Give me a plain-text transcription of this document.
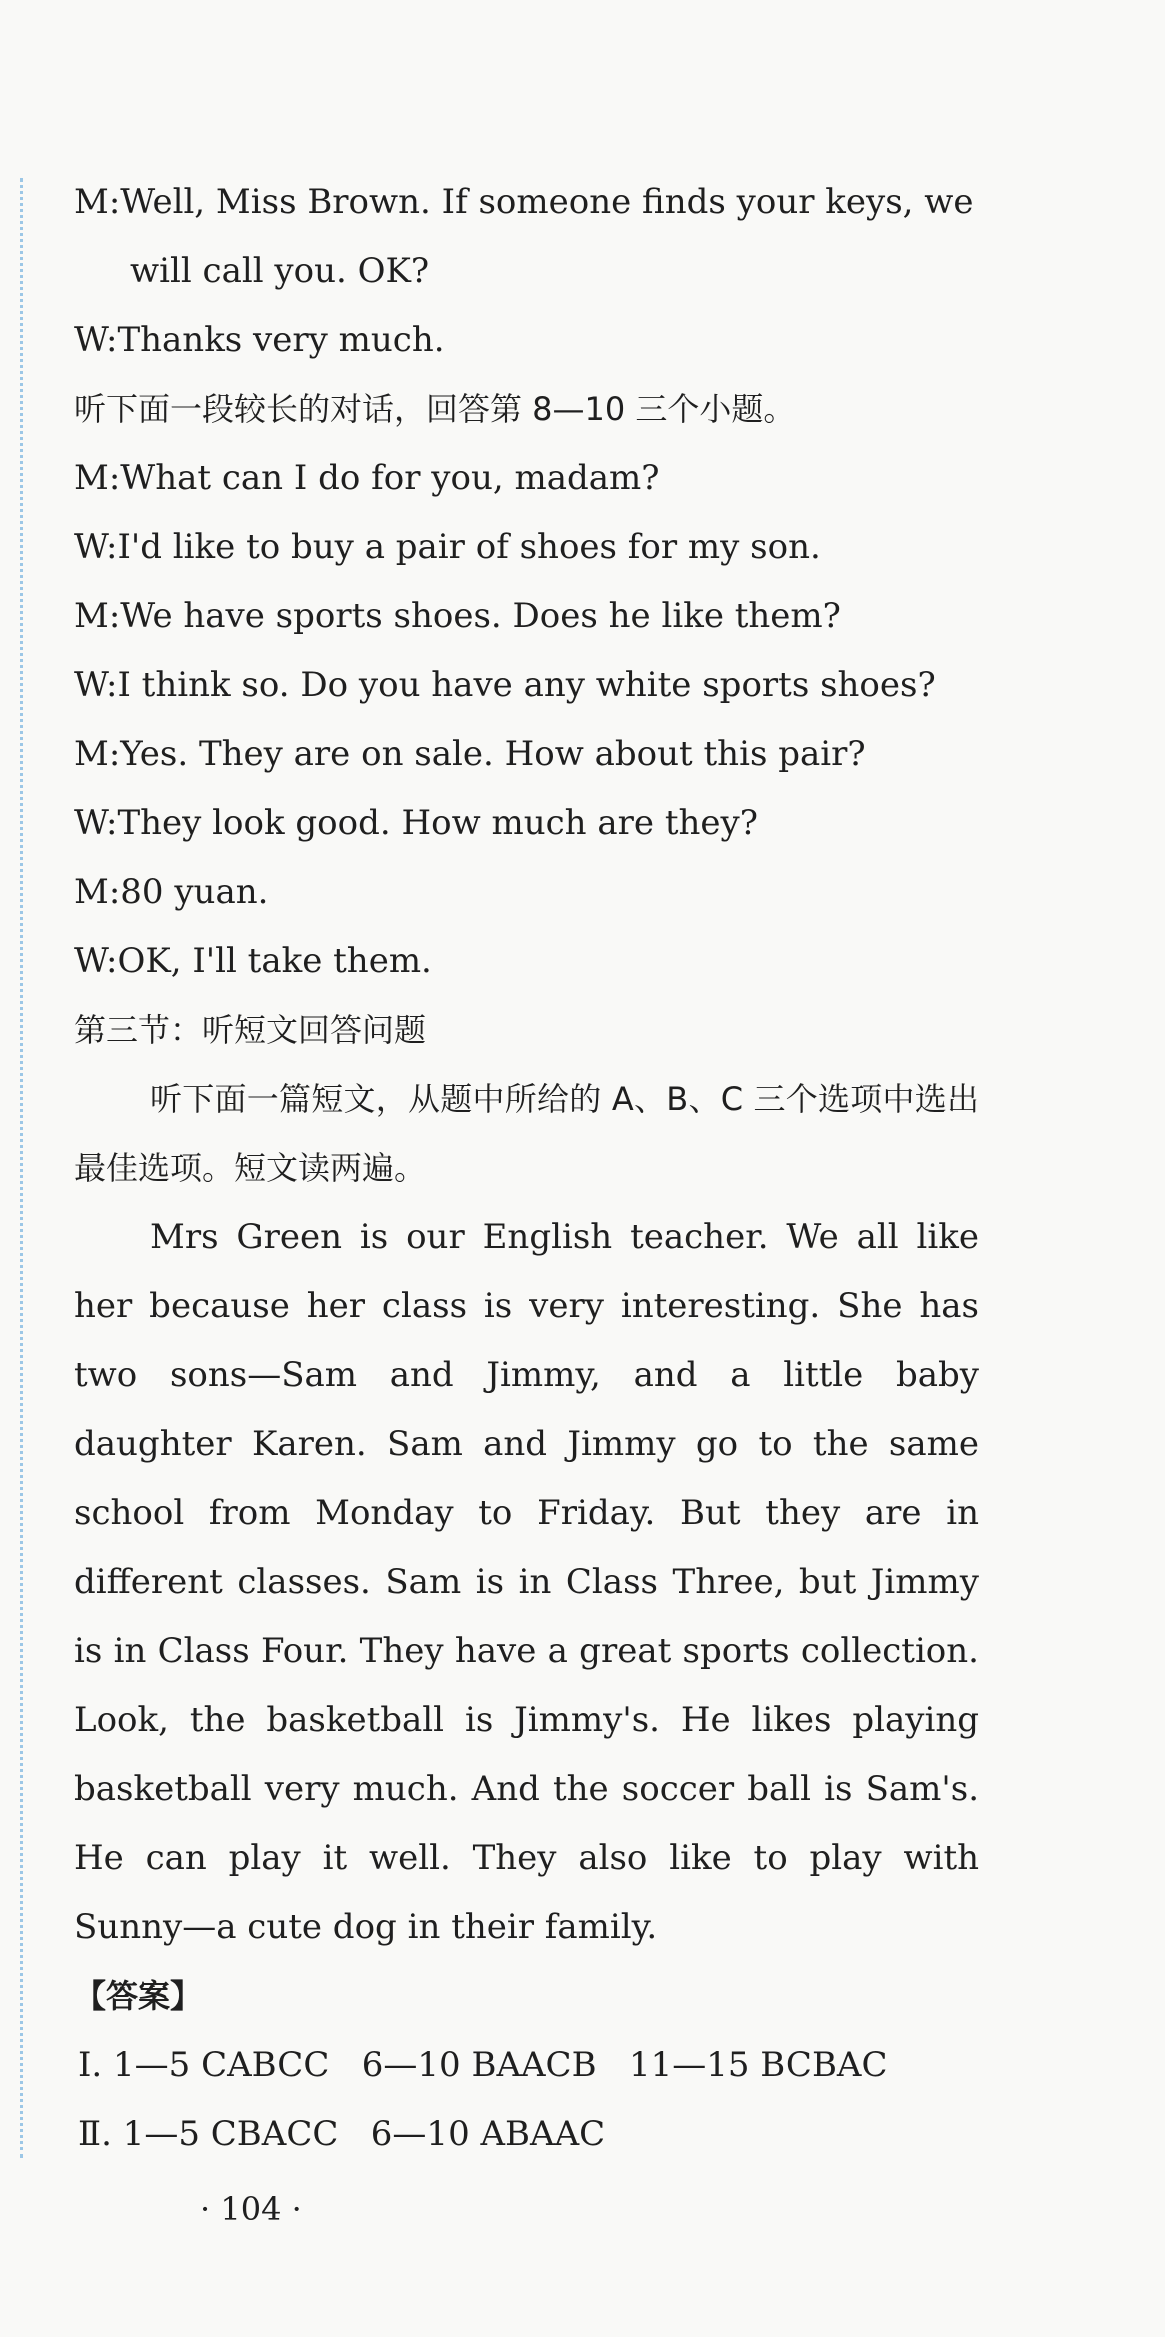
M:Well, Miss Brown. If someone finds your keys, we
will call you. OK?
W:Thanks very much.
听下面一段较长的对话，回答第 8—10 三个小题。
M:What can I do for you, madam?
W:I'd like to buy a pair of shoes for my son.
M:We have sports shoes. Does he like them?
W:I think so. Do you have any white sports shoes?
M:Yes. They are on sale. How about this pair?
W:They look good. How much are they?
M:80 yuan.
W:OK, I'll take them.
第三节：听短文回答问题
听下面一篇短文，从题中所给的 A、B、C 三个选项中选出最佳选项。短文读两遍。
Mrs Green is our English teacher. We all like her because her class is very interesting. She has two sons—Sam and Jimmy, and a little baby daughter Karen. Sam and Jimmy go to the same school from Monday to Friday. But they are in different classes. Sam is in Class Three, but Jimmy is in Class Four. They have a great sports collection. Look, the basketball is Jimmy's. He likes playing basketball very much. And the soccer ball is Sam's. He can play it well. They also like to play with Sunny—a cute dog in their family.
【答案】
Ⅰ. 1—5 CABCC   6—10 BAACB   11—15 BCBAC
Ⅱ. 1—5 CBACC   6—10 ABAAC
· 104 ·
